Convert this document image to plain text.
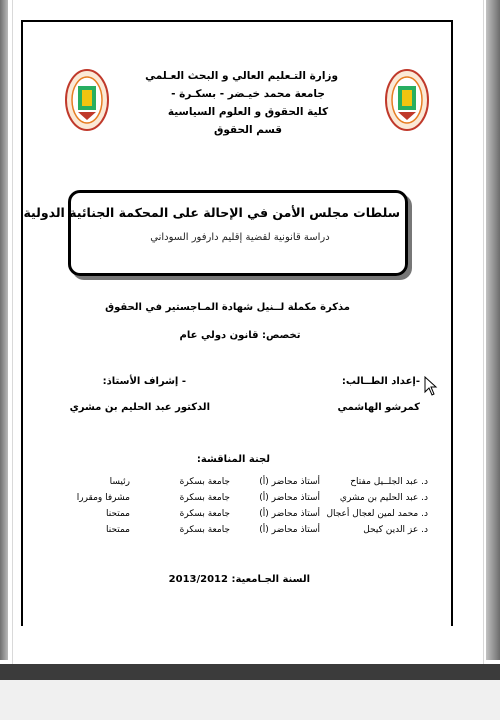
وزارة التـعليم العالي و البحث العـلمي
جامعة محمد خيـضر - بسكـرة -
كلية الحقوق و العلوم السياسية
قسم الحقوق
سلطات مجلس الأمن في الإحالة على المحكمة الجنائية الدولية
دراسة قانونية لقضية إقليم دارفور السوداني
مذكرة مكملة لــنيل شهادة المـاجستير في الحقوق
تخصص: قانون دولي عام
-إعداد الطــالب:
- إشراف الأستاذ:
كمرشو الهاشمي
الدكتور عبد الحليم بن مشري
لجنة المناقشة:
د. عبد الجلــيل مفتاح
أستاذ محاضر (أ)
جامعة بسكرة
رئيسا
د. عبد الحليم بن مشري
أستاذ محاضر (أ)
جامعة بسكرة
مشرفا ومقررا
د. محمد لمين لعجال أعجال
أستاذ محاضر (أ)
جامعة بسكرة
ممتحنا
د. عز الدين كيحل
أستاذ محاضر (أ)
جامعة بسكرة
ممتحنا
السنة الجـامعية: 2013/2012
